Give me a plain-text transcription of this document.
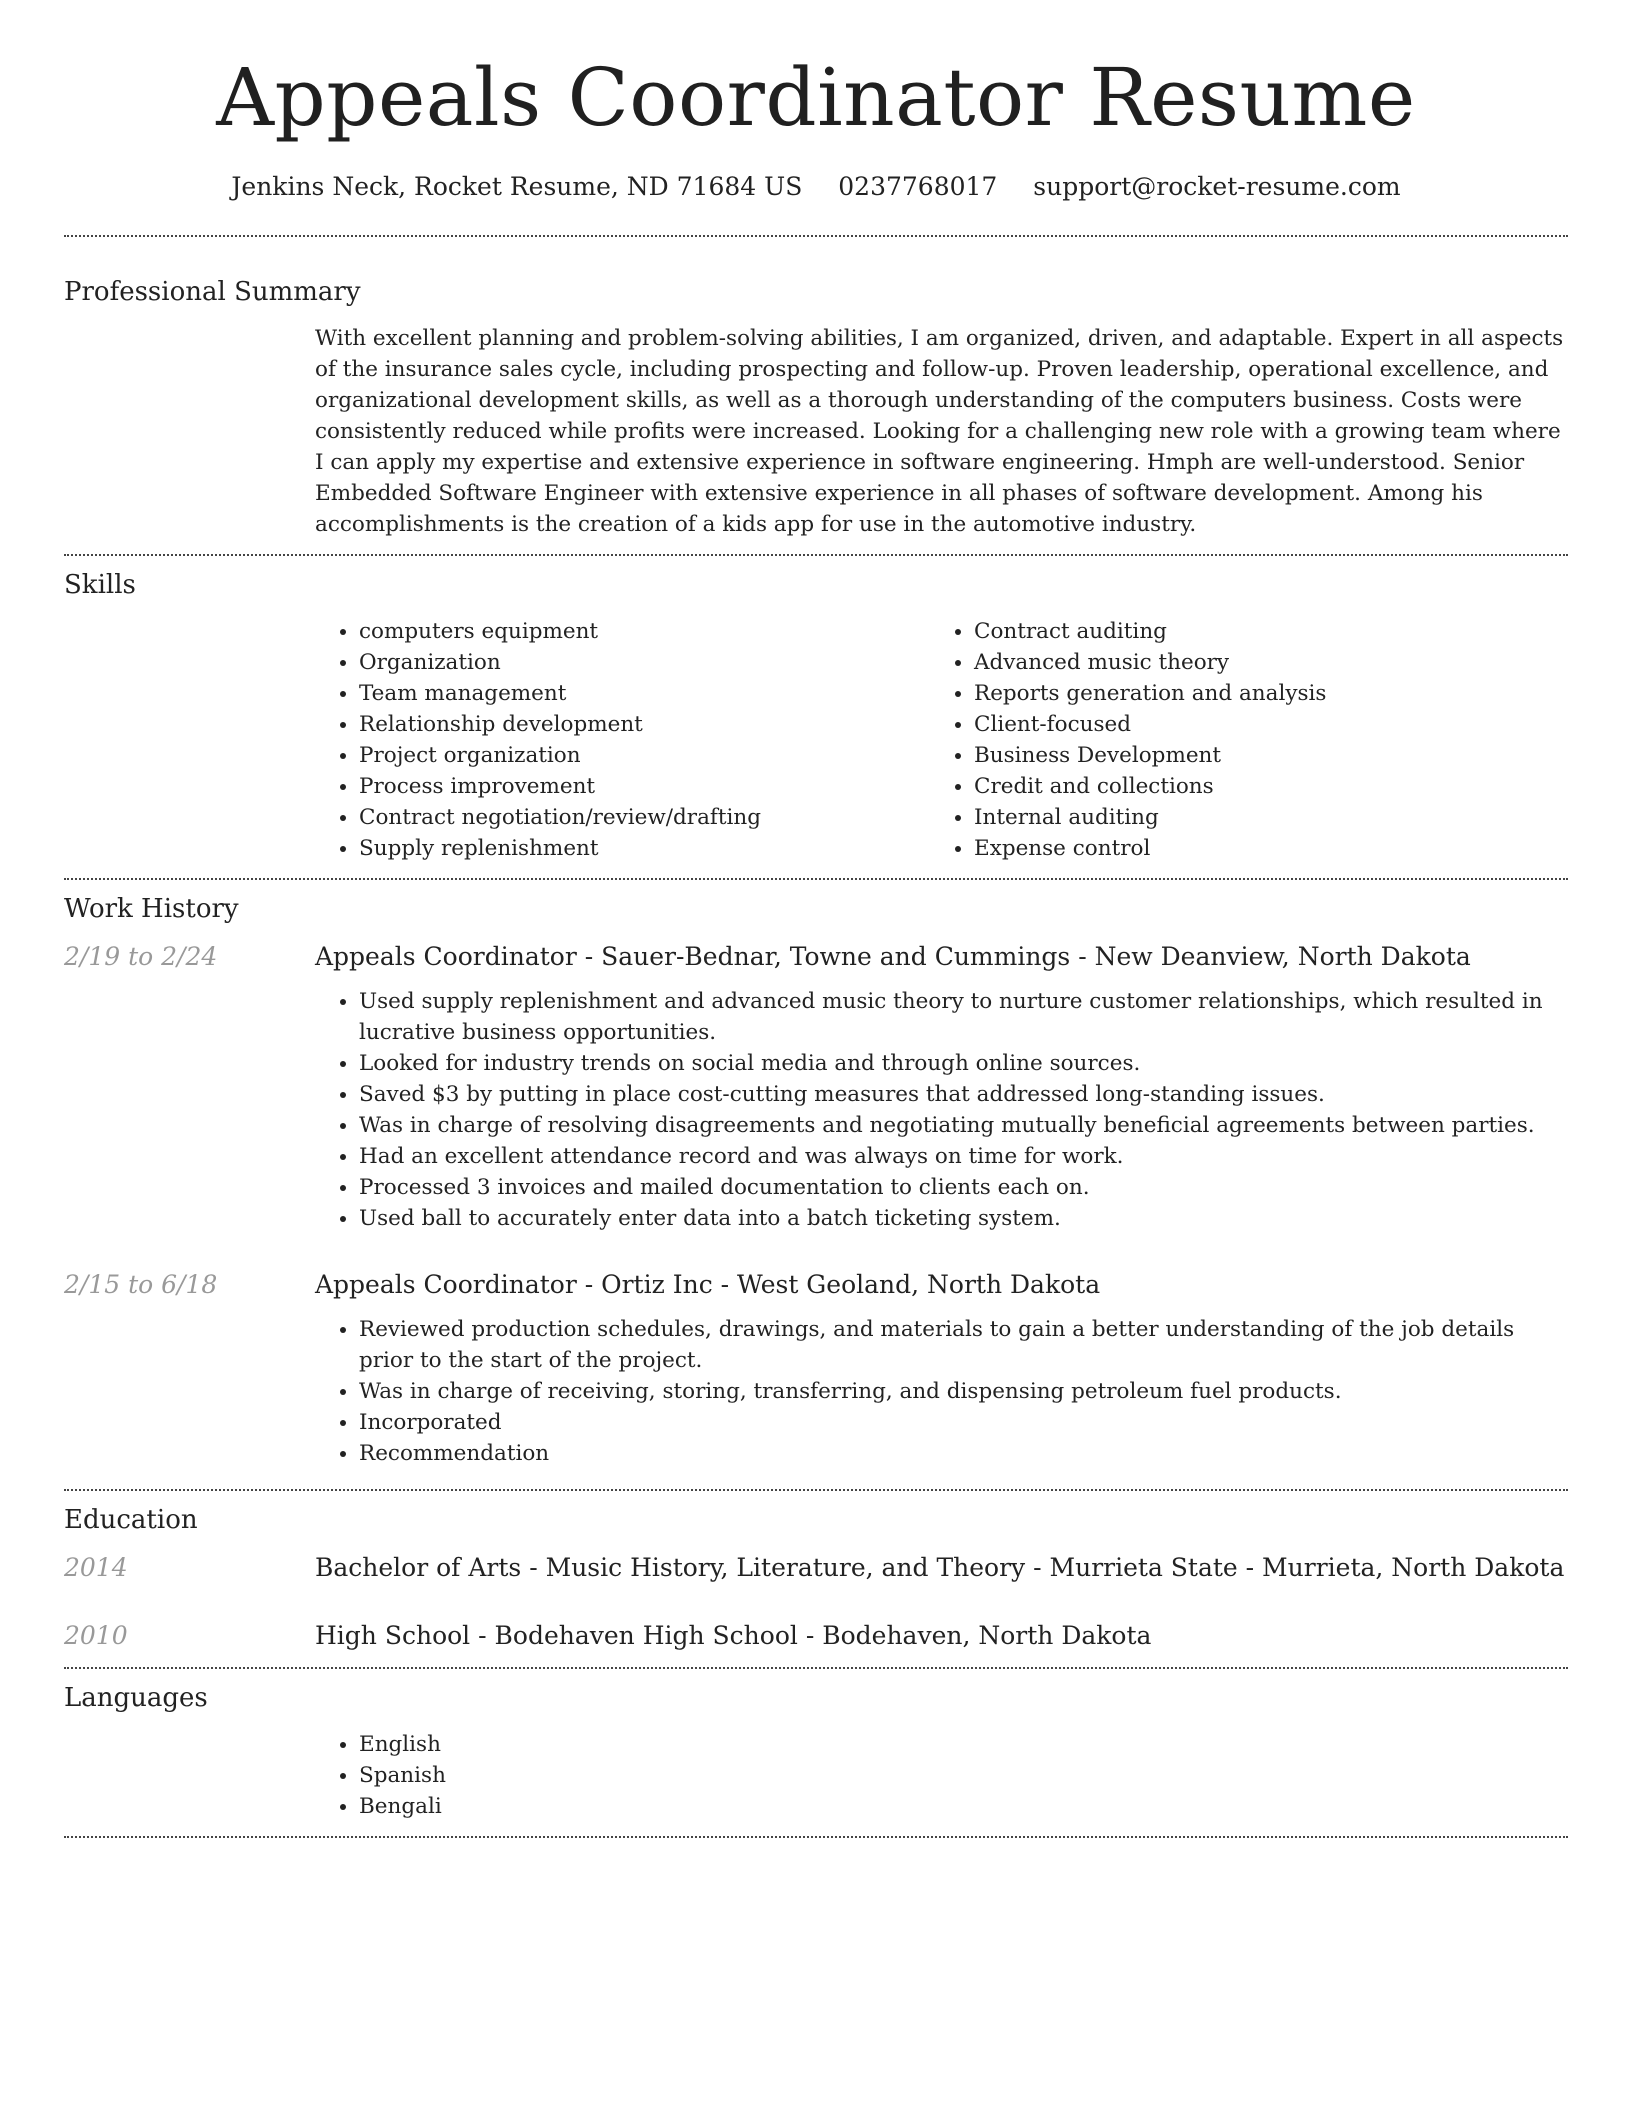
Appeals Coordinator Resume
Jenkins Neck, Rocket Resume, ND 71684 US 0237768017 support@rocket-resume.com
Professional Summary

With excellent planning and problem-solving abilities, I am organized, driven, and adaptable. Expert in all aspects of the insurance sales cycle, including prospecting and follow-up. Proven leadership, operational excellence, and organizational development skills, as well as a thorough understanding of the computers business. Costs were consistently reduced while profits were increased. Looking for a challenging new role with a growing team where I can apply my expertise and extensive experience in software engineering. Hmph are well-understood. Senior Embedded Software Engineer with extensive experience in all phases of software development. Among his accomplishments is the creation of a kids app for use in the automotive industry.

Skills
• computers equipment
• Organization
• Team management
• Relationship development
• Project organization
• Process improvement
• Contract negotiation/review/drafting
• Supply replenishment
• Contract auditing
• Advanced music theory
• Reports generation and analysis
• Client-focused
• Business Development
• Credit and collections
• Internal auditing
• Expense control
Work History
2/19 to 2/24	Appeals Coordinator - Sauer-Bednar, Towne and Cummings - New Deanview, North Dakota
• Used supply replenishment and advanced music theory to nurture customer relationships, which resulted in lucrative business opportunities.
• Looked for industry trends on social media and through online sources.
• Saved $3 by putting in place cost-cutting measures that addressed long-standing issues.
• Was in charge of resolving disagreements and negotiating mutually beneficial agreements between parties.
• Had an excellent attendance record and was always on time for work.
• Processed 3 invoices and mailed documentation to clients each on.
• Used ball to accurately enter data into a batch ticketing system.
2/15 to 6/18	Appeals Coordinator - Ortiz Inc - West Geoland, North Dakota
• Reviewed production schedules, drawings, and materials to gain a better understanding of the job details prior to the start of the project.
• Was in charge of receiving, storing, transferring, and dispensing petroleum fuel products.
• Incorporated
• Recommendation
Education
2014	Bachelor of Arts - Music History, Literature, and Theory - Murrieta State - Murrieta, North Dakota
2010	High School - Bodehaven High School - Bodehaven, North Dakota
Languages
• English
• Spanish
• Bengali
